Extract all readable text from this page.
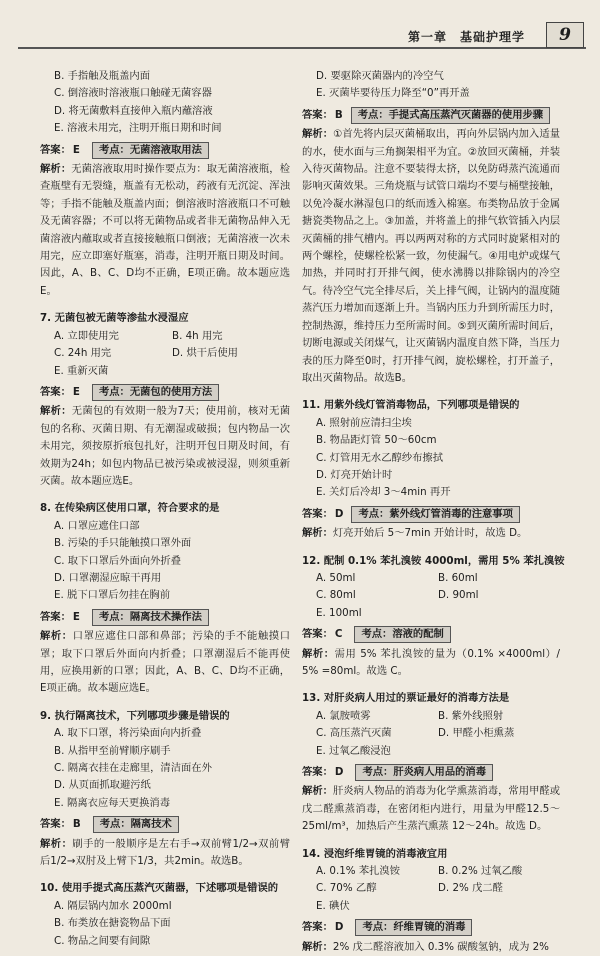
第一章　基础护理学	9
B. 手指触及瓶盖内面
C. 倒溶液时溶液瓶口触碰无菌容器
D. 将无菌敷料直接伸入瓶内蘸溶液
E. 溶液未用完，注明开瓶日期和时间
答案： E	考点：无菌溶液取用法
解析：无菌溶液取用时操作要点为：取无菌溶液瓶，检查瓶壁有无裂缝，瓶盖有无松动，药液有无沉淀、浑浊等；手指不能触及瓶盖内面；倒溶液时溶液瓶口不可触及无菌容器；不可以将无菌物品或者非无菌物品伸入无菌溶液内蘸取或者直接接触瓶口倒液；无菌溶液一次未用完，应立即塞好瓶塞，消毒，注明开瓶日期及时间。因此，A、B、C、D均不正确，E项正确。故本题应选E。
7. 无菌包被无菌等渗盐水浸湿应
A. 立即使用完	B. 4h 用完
C. 24h 用完	D. 烘干后使用
E. 重新灭菌
答案： E	考点：无菌包的使用方法
解析：无菌包的有效期一般为7天；使用前，核对无菌包的名称、灭菌日期、有无潮湿或破损；包内物品一次未用完，须按原折痕包扎好，注明开包日期及时间，有效期为24h；如包内物品已被污染或被浸湿，则须重新灭菌。故本题应选E。
8. 在传染病区使用口罩，符合要求的是
A. 口罩应遮住口部
B. 污染的手只能触摸口罩外面
C. 取下口罩后外面向外折叠
D. 口罩潮湿应晾干再用
E. 脱下口罩后勿挂在胸前
答案： E	考点：隔离技术操作法
解析：口罩应遮住口部和鼻部；污染的手不能触摸口罩；取下口罩后外面向内折叠；口罩潮湿后不能再使用，应换用新的口罩；因此，A、B、C、D均不正确，E项正确。故本题应选E。
9. 执行隔离技术，下列哪项步骤是错误的
A. 取下口罩，将污染面向内折叠
B. 从指甲至前臂顺序刷手
C. 隔离衣挂在走廊里，清洁面在外
D. 从页面抓取避污纸
E. 隔离衣应每天更换消毒
答案： B	考点：隔离技术
解析：刷手的一般顺序是左右手→双前臂1/2→双前臂后1/2→双肘及上臂下1/3，共2min。故选B。
10. 使用手提式高压蒸汽灭菌器，下述哪项是错误的
A. 隔层锅内加水 2000ml
B. 布类放在搪瓷物品下面
C. 物品之间要有间隙
D. 要驱除灭菌器内的冷空气
E. 灭菌毕要待压力降至“0”再开盖
答案： B	考点：手提式高压蒸汽灭菌器的使用步骤
解析：①首先将内层灭菌桶取出，再向外层锅内加入适量的水，使水面与三角搁架相平为宜。②放回灭菌桶，并装入待灭菌物品。注意不要装得太挤，以免防碍蒸汽流通而影响灭菌效果。三角烧瓶与试管口端均不要与桶壁接触，以免冷凝水淋湿包口的纸而透入棉塞。布类物品放于金属搪瓷类物品之上。③加盖，并将盖上的排气软管插入内层灭菌桶的排气槽内。再以两两对称的方式同时旋紧相对的两个螺栓，使螺栓松紧一致，勿使漏气。④用电炉或煤气加热，并同时打开排气阀，使水沸腾以排除锅内的冷空气。待冷空气完全排尽后，关上排气阀，让锅内的温度随蒸汽压力增加而逐渐上升。当锅内压力升到所需压力时，控制热源，维持压力至所需时间。⑤到灭菌所需时间后，切断电源或关闭煤气，让灭菌锅内温度自然下降，当压力表的压力降至0时，打开排气阀，旋松螺栓，打开盖子，取出灭菌物品。故选B。
11. 用紫外线灯管消毒物品，下列哪项是错误的
A. 照射前应清扫尘埃
B. 物品距灯管 50～60cm
C. 灯管用无水乙醇纱布擦拭
D. 灯亮开始计时
E. 关灯后冷却 3～4min 再开
答案： D	考点：紫外线灯管消毒的注意事项
解析：灯亮开始后 5～7min 开始计时，故选 D。
12. 配制 0.1% 苯扎溴铵 4000ml，需用 5% 苯扎溴铵
A. 50ml	B. 60ml
C. 80ml	D. 90ml
E. 100ml
答案： C	考点：溶液的配制
解析：需用 5% 苯扎溴铵的量为（0.1% ×4000ml）/ 5% =80ml。故选 C。
13. 对肝炎病人用过的票证最好的消毒方法是
A. 氯胺喷雾	B. 紫外线照射
C. 高压蒸汽灭菌	D. 甲醛小柜熏蒸
E. 过氧乙酸浸泡
答案： D	考点：肝炎病人用品的消毒
解析：肝炎病人物品的消毒为化学熏蒸消毒，常用甲醛或戊二醛熏蒸消毒，在密闭柜内进行，用量为甲醛12.5～25ml/m³，加热后产生蒸汽熏蒸 12～24h。故选 D。
14. 浸泡纤维胃镜的消毒液宜用
A. 0.1% 苯扎溴铵	B. 0.2% 过氧乙酸
C. 70% 乙醇	D. 2% 戊二醛
E. 碘伏
答案： D	考点：纤维胃镜的消毒
解析：2% 戊二醛溶液加入 0.3% 碳酸氢钠，成为 2%
